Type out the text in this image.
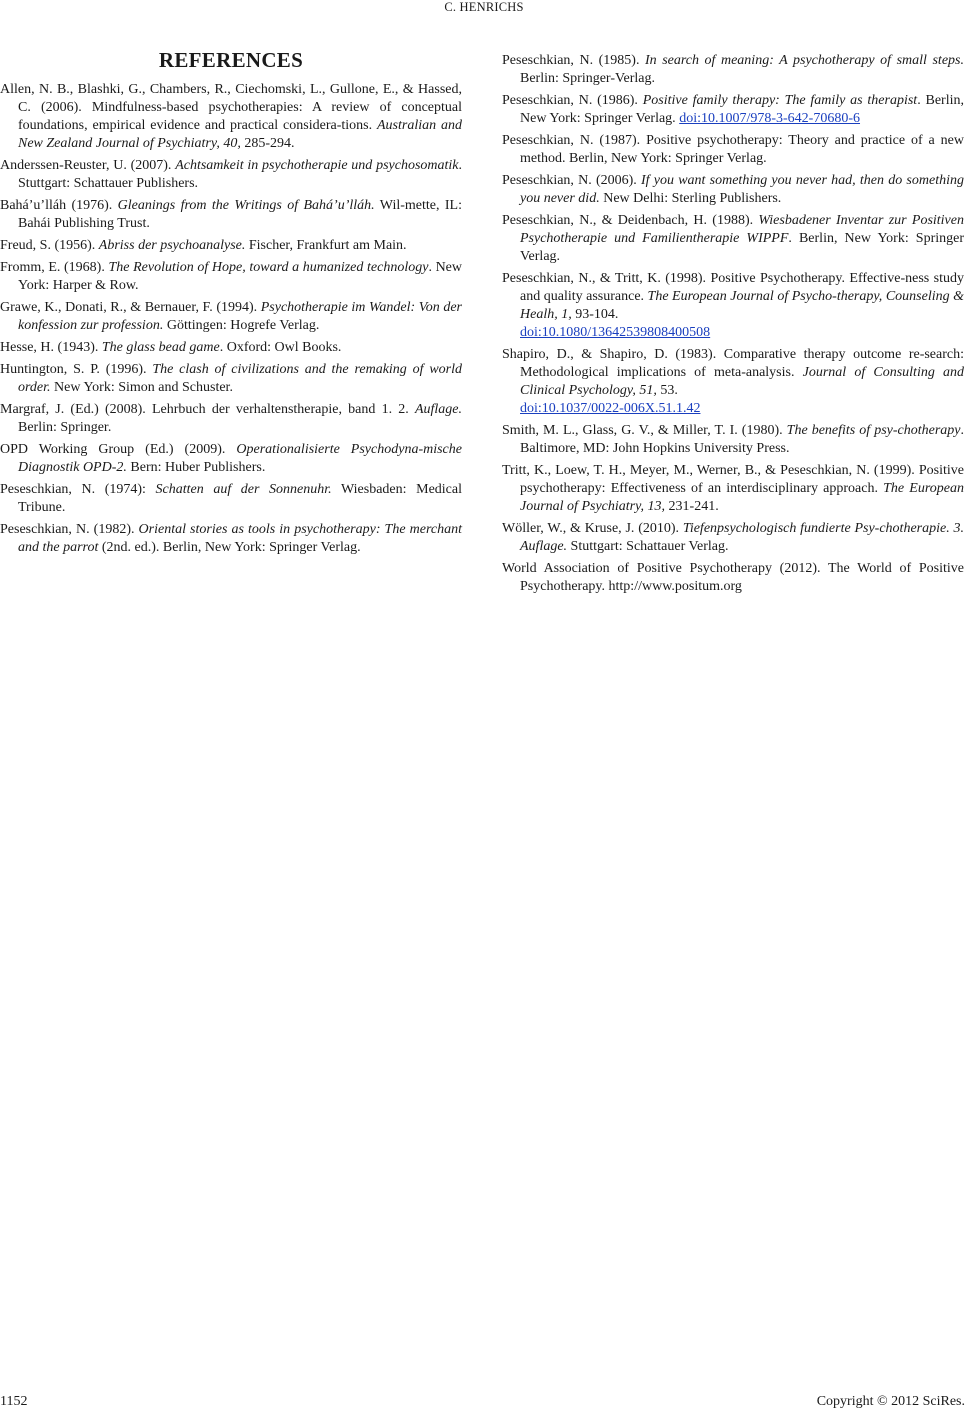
C. HENRICHS
REFERENCES

Allen, N. B., Blashki, G., Chambers, R., Ciechomski, L., Gullone, E., & Hassed, C. (2006). Mindfulness-based psychotherapies: A review of conceptual foundations, empirical evidence and practical considera-tions. Australian and New Zealand Journal of Psychiatry, 40, 285-294.

Anderssen-Reuster, U. (2007). Achtsamkeit in psychotherapie und psychosomatik. Stuttgart: Schattauer Publishers.

Bahá’u’lláh (1976). Gleanings from the Writings of Bahá’u’lláh. Wil-mette, IL: Bahái Publishing Trust.

Freud, S. (1956). Abriss der psychoanalyse. Fischer, Frankfurt am Main.

Fromm, E. (1968). The Revolution of Hope, toward a humanized technology. New York: Harper & Row.

Grawe, K., Donati, R., & Bernauer, F. (1994). Psychotherapie im Wandel: Von der konfession zur profession. Göttingen: Hogrefe Verlag.

Hesse, H. (1943). The glass bead game. Oxford: Owl Books.

Huntington, S. P. (1996). The clash of civilizations and the remaking of world order. New York: Simon and Schuster.

Margraf, J. (Ed.) (2008). Lehrbuch der verhaltenstherapie, band 1. 2. Auflage. Berlin: Springer.

OPD Working Group (Ed.) (2009). Operationalisierte Psychodyna-mische Diagnostik OPD-2. Bern: Huber Publishers.

Peseschkian, N. (1974): Schatten auf der Sonnenuhr. Wiesbaden: Medical Tribune.

Peseschkian, N. (1982). Oriental stories as tools in psychotherapy: The merchant and the parrot (2nd. ed.). Berlin, New York: Springer Verlag.

Peseschkian, N. (1985). In search of meaning: A psychotherapy of small steps. Berlin: Springer-Verlag.

Peseschkian, N. (1986). Positive family therapy: The family as therapist. Berlin, New York: Springer Verlag. doi:10.1007/978-3-642-70680-6

Peseschkian, N. (1987). Positive psychotherapy: Theory and practice of a new method. Berlin, New York: Springer Verlag.

Peseschkian, N. (2006). If you want something you never had, then do something you never did. New Delhi: Sterling Publishers.

Peseschkian, N., & Deidenbach, H. (1988). Wiesbadener Inventar zur Positiven Psychotherapie und Familientherapie WIPPF. Berlin, New York: Springer Verlag.

Peseschkian, N., & Tritt, K. (1998). Positive Psychotherapy. Effective-ness study and quality assurance. The European Journal of Psycho-therapy, Counseling & Healh, 1, 93-104.
doi:10.1080/13642539808400508

Shapiro, D., & Shapiro, D. (1983). Comparative therapy outcome re-search: Methodological implications of meta-analysis. Journal of Consulting and Clinical Psychology, 51, 53.
doi:10.1037/0022-006X.51.1.42

Smith, M. L., Glass, G. V., & Miller, T. I. (1980). The benefits of psy-chotherapy. Baltimore, MD: John Hopkins University Press.

Tritt, K., Loew, T. H., Meyer, M., Werner, B., & Peseschkian, N. (1999). Positive psychotherapy: Effectiveness of an interdisciplinary approach. The European Journal of Psychiatry, 13, 231-241.

Wöller, W., & Kruse, J. (2010). Tiefenpsychologisch fundierte Psy-chotherapie. 3. Auflage. Stuttgart: Schattauer Verlag.

World Association of Positive Psychotherapy (2012). The World of Positive Psychotherapy. http://www.positum.org

1152	Copyright © 2012 SciRes.
